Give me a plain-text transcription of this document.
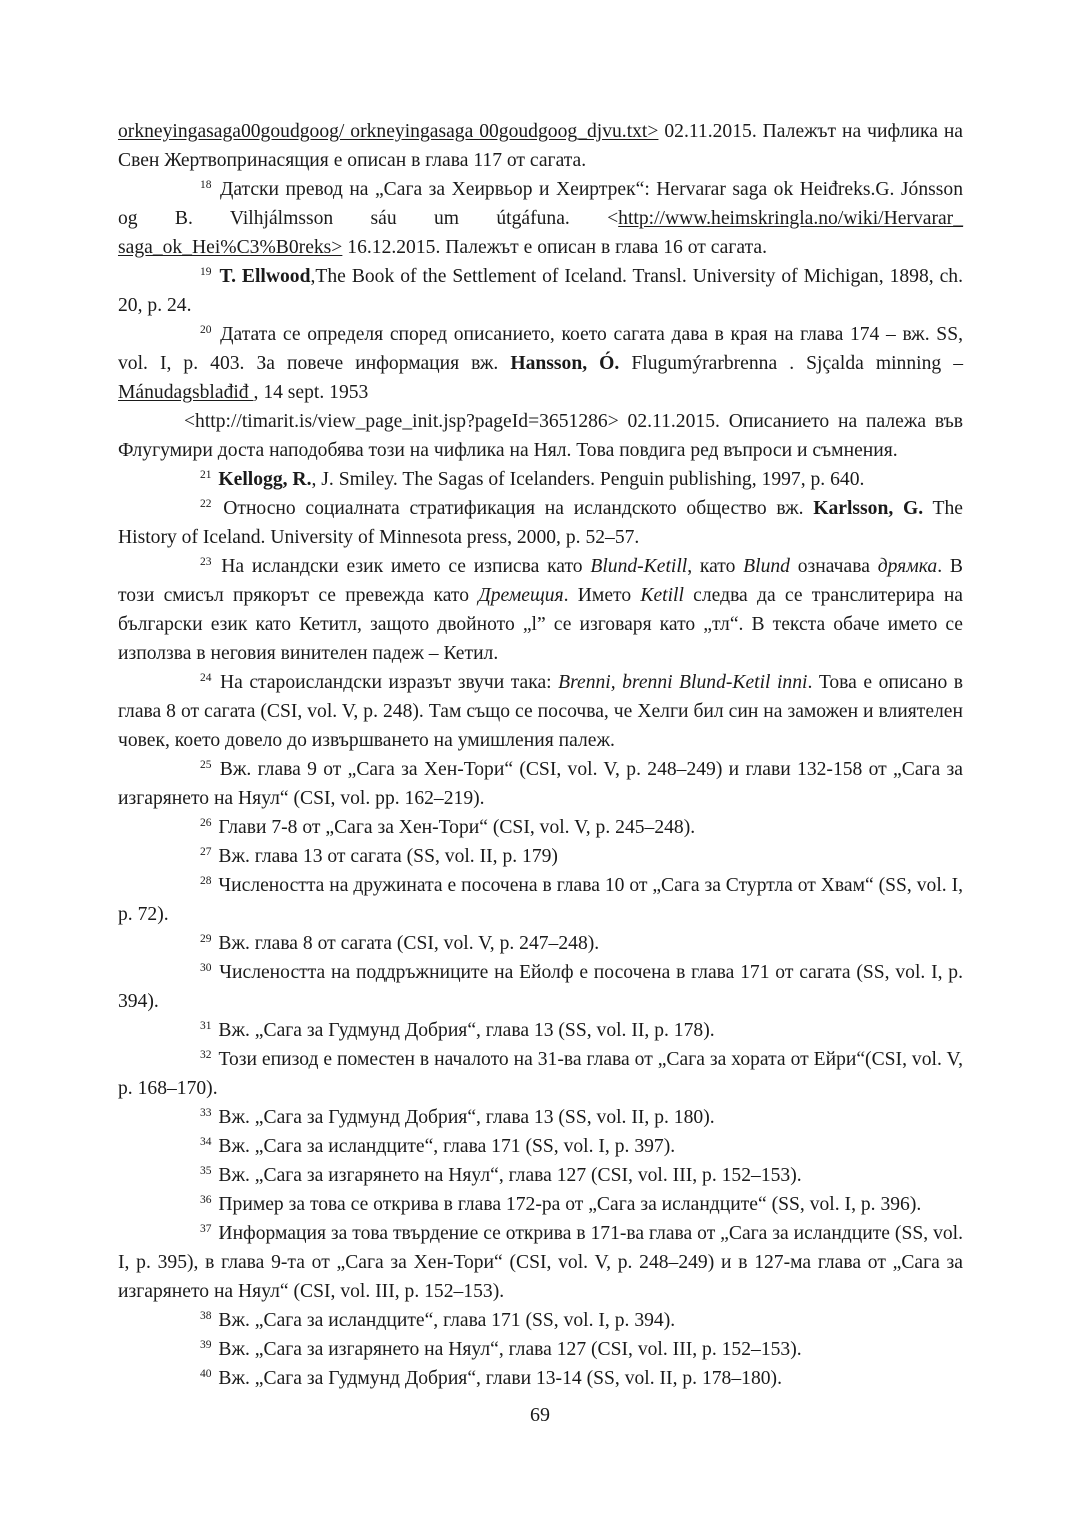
orkneyingasaga00goudgoog/ orkneyingasaga 00goudgoog_djvu.txt> 02.11.2015. Палежът на чифлика на Свен Жертвопринасящия е описан в глава 117 от сагата.

$^{18}$ Датски превод на „Сага за Хеирвьор и Хеиртрек“: Hervarar saga ok Heiđreks.G. Jónsson og B. Vilhjálmsson sáu um útgáfuna. <http://www.heimskringla.no/wiki/Hervarar_ saga_ok_Hei%C3%B0reks> 16.12.2015. Палежът е описан в глава 16 от сагата.

$^{19}$ T. Ellwood,The Book of the Settlement of Iceland. Transl. University of Michigan, 1898, ch. 20, p. 24.

$^{20}$ Датата се определя според описанието, което сагата дава в края на глава 174 – вж. SS, vol. I, p. 403. За повече информация вж. Hansson, Ó. Flugumýrarbrenna . Sjçalda minning – Mánudagsblađiđ , 14 sept. 1953

<http://timarit.is/view_page_init.jsp?pageId=3651286> 02.11.2015. Описанието на палежа във Флугумири доста наподобява този на чифлика на Нял. Това повдига ред въпроси и съмнения.

$^{21}$ Kellogg, R., J. Smiley. The Sagas of Icelanders. Penguin publishing, 1997, p. 640.

$^{22}$ Относно социалната стратификация на исландското общество вж. Karlsson, G. The History of Iceland. University of Minnesota press, 2000, p. 52–57.

$^{23}$ На исландски език името се изписва като Blund-Ketill, като Blund означава дрямка. В този смисъл прякорът се превежда като Дремещия. Името Ketill следва да се транслитерира на български език като Кетитл, защото двойното „l” се изговаря като „тл“. В текста обаче името се използва в неговия винителен падеж – Кетил.

$^{24}$ На староисландски изразът звучи така: Brenni, brenni Blund-Ketil inni. Това е описано в глава 8 от сагата (CSI, vol. V, p. 248). Там също се посочва, че Хелги бил син на заможен и влиятелен човек, което довело до извършването на умишления палеж.

$^{25}$ Вж. глава 9 от „Сага за Хен-Тори“ (CSI, vol. V, p. 248–249) и глави 132-158 от „Сага за изгарянето на Няул“ (CSI, vol. pp. 162–219).

$^{26}$ Глави 7-8 от „Сага за Хен-Тори“ (CSI, vol. V, p. 245–248).

$^{27}$ Вж. глава 13 от сагата (SS, vol. II, p. 179)

$^{28}$ Числеността на дружината е посочена в глава 10 от „Сага за Стуртла от Хвам“ (SS, vol. I, p. 72).

$^{29}$ Вж. глава 8 от сагата (CSI, vol. V, p. 247–248).

$^{30}$ Числеността на поддръжниците на Ейолф е посочена в глава 171 от сагата (SS, vol. I, p. 394).

$^{31}$ Вж. „Сага за Гудмунд Добрия“, глава 13 (SS, vol. II, p. 178).

$^{32}$ Този епизод е поместен в началото на 31-ва глава от „Сага за хората от Ейри“(CSI, vol. V, p. 168–170).

$^{33}$ Вж. „Сага за Гудмунд Добрия“, глава 13 (SS, vol. II, p. 180).

$^{34}$ Вж. „Сага за исландците“, глава 171 (SS, vol. I, p. 397).

$^{35}$ Вж. „Сага за изгарянето на Няул“, глава 127 (CSI, vol. III, p. 152–153).

$^{36}$ Пример за това се открива в глава 172-ра от „Сага за исландците“ (SS, vol. I, p. 396).

$^{37}$ Информация за това твърдение се открива в 171-ва глава от „Сага за исландците (SS, vol. I, p. 395), в глава 9-та от „Сага за Хен-Тори“ (CSI, vol. V, p. 248–249) и в 127-ма глава от „Сага за изгарянето на Няул“ (CSI, vol. III, p. 152–153).

$^{38}$ Вж. „Сага за исландците“, глава 171 (SS, vol. I, p. 394).

$^{39}$ Вж. „Сага за изгарянето на Няул“, глава 127 (CSI, vol. III, p. 152–153).

$^{40}$ Вж. „Сага за Гудмунд Добрия“, глави 13-14 (SS, vol. II, p. 178–180).

69
